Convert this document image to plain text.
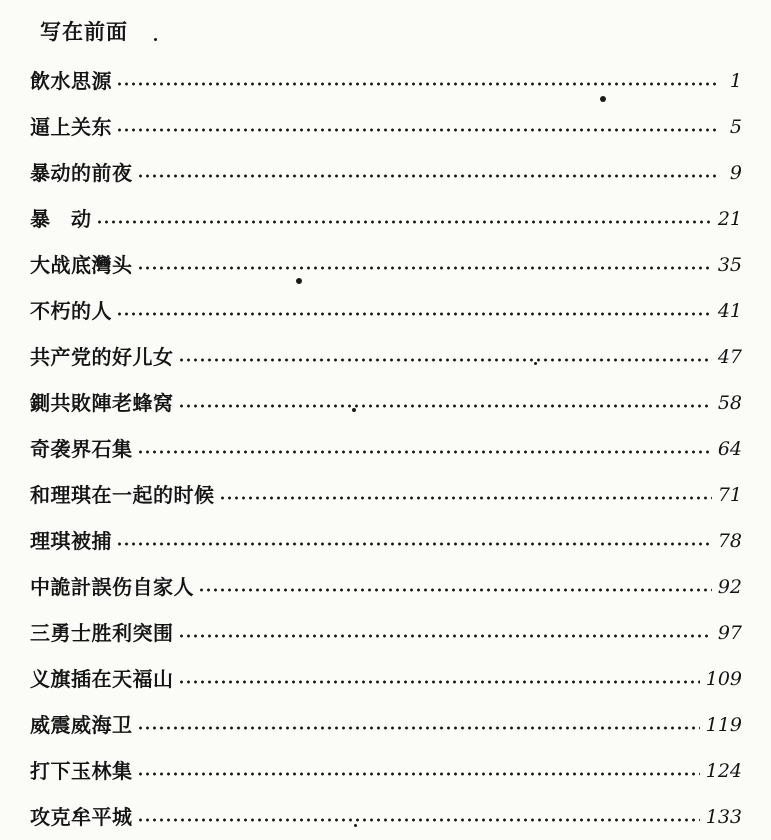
写在前面
飲水思源	1
逼上关东	5
暴动的前夜	9
暴　动	21
大战底灣头	35
不朽的人	41
共产党的好儿女	47
鍘共敗陣老蜂窝	58
奇袭界石集	64
和理琪在一起的时候	71
理琪被捕	78
中詭計誤伤自家人	92
三勇士胜利突围	97
义旗插在天福山	109
威震威海卫	119
打下玉林集	124
攻克牟平城	133
